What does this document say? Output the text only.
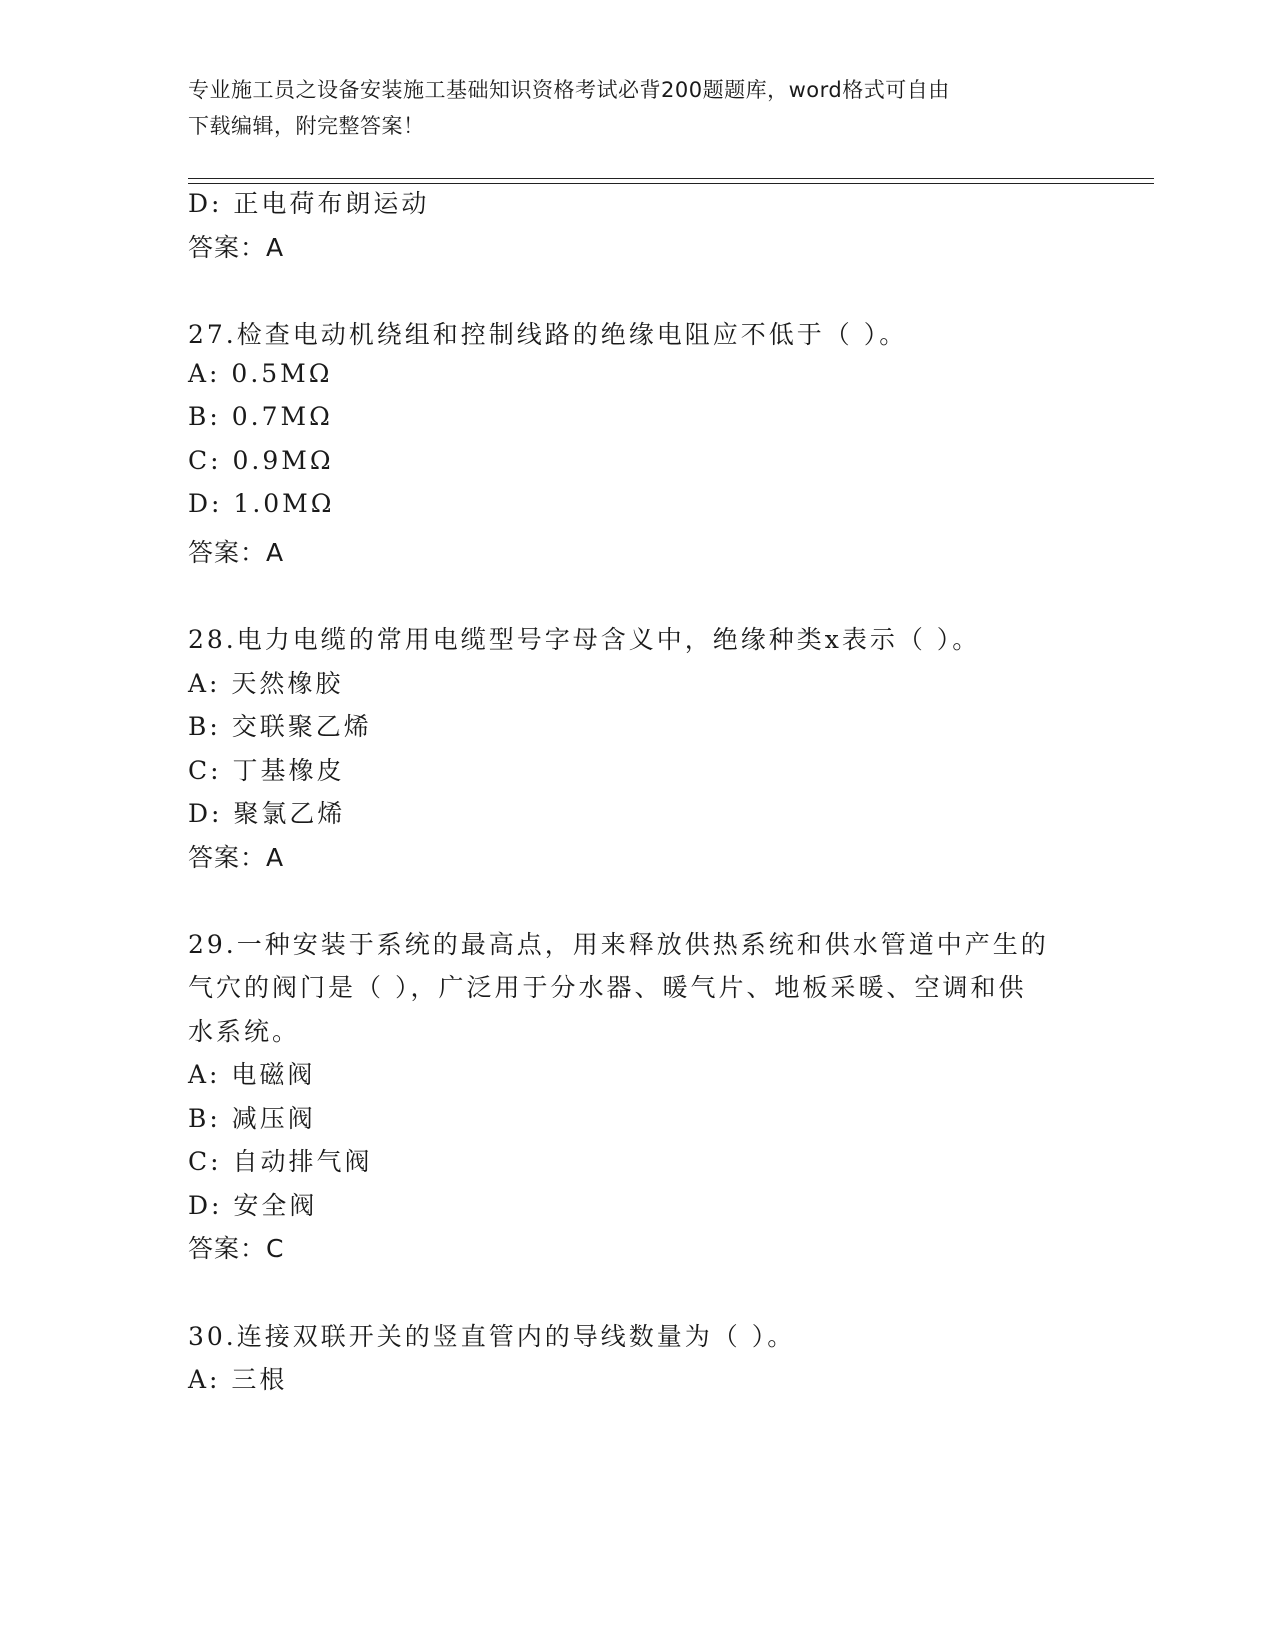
专业施工员之设备安装施工基础知识资格考试必背200题题库，word格式可自由
下载编辑，附完整答案！
D: 正电荷布朗运动
答案：A
27.检查电动机绕组和控制线路的绝缘电阻应不低于（ ）。
A: 0.5MΩ
B: 0.7MΩ
C: 0.9MΩ
D: 1.0MΩ
答案：A
28.电力电缆的常用电缆型号字母含义中，绝缘种类x表示（ ）。
A: 天然橡胶
B: 交联聚乙烯
C: 丁基橡皮
D: 聚氯乙烯
答案：A
29.一种安装于系统的最高点，用来释放供热系统和供水管道中产生的
气穴的阀门是（ ），广泛用于分水器、暖气片、地板采暖、空调和供
水系统。
A: 电磁阀
B: 减压阀
C: 自动排气阀
D: 安全阀
答案：C
30.连接双联开关的竖直管内的导线数量为（ ）。
A: 三根
